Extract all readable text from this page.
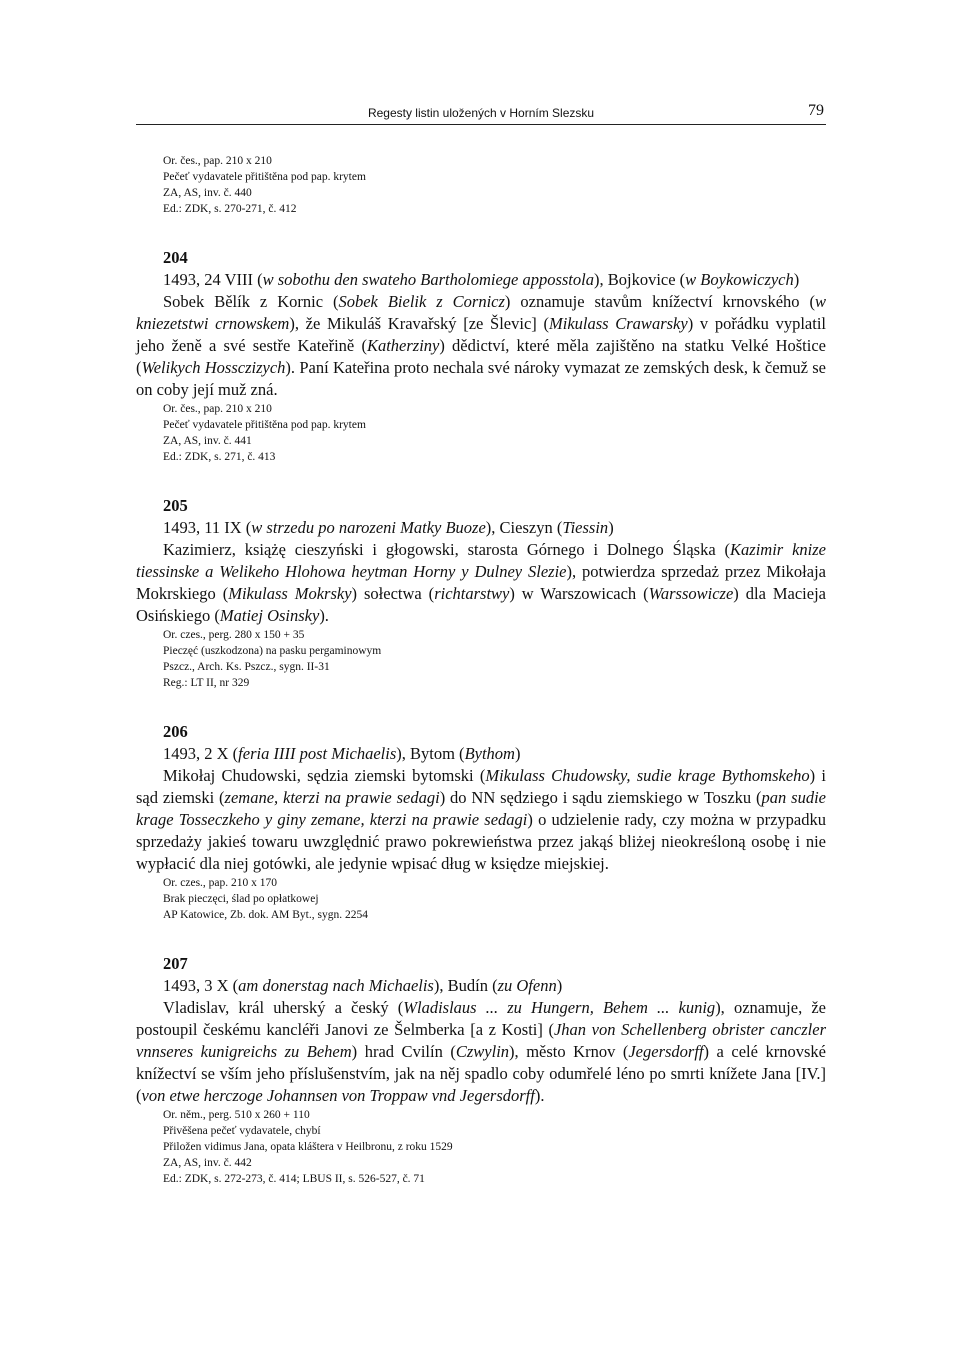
Regesty listin uložených v Horním Slezsku	79
Or. čes., pap. 210 x 210
Pečeť vydavatele přitištěna pod pap. krytem
ZA, AS, inv. č. 440
Ed.: ZDK, s. 270-271, č. 412
204
1493, 24 VIII (w sobothu den swateho Bartholomiege apposstola), Bojkovice (w Boykowiczych)
Sobek Bělík z Kornic (Sobek Bielik z Cornicz) oznamuje stavům knížectví krnovského (w kniezetstwi crnowskem), že Mikuláš Kravařský [ze Šlevic] (Mikulass Crawarsky) v pořádku vyplatil jeho ženě a své sestře Kateřině (Katherziny) dědictví, které měla zajištěno na statku Velké Hoštice (Welikych Hossczizych). Paní Kateřina proto nechala své nároky vymazat ze zemských desk, k čemuž se on coby její muž zná.
Or. čes., pap. 210 x 210
Pečeť vydavatele přitištěna pod pap. krytem
ZA, AS, inv. č. 441
Ed.: ZDK, s. 271, č. 413
205
1493, 11 IX (w strzedu po narozeni Matky Buoze), Cieszyn (Tiessin)
Kazimierz, książę cieszyński i głogowski, starosta Górnego i Dolnego Śląska (Kazimir knize tiessinske a Welikeho Hlohowa heytman Horny y Dulney Slezie), potwierdza sprzedaż przez Mikołaja Mokrskiego (Mikulass Mokrsky) sołectwa (richtarstwy) w Warszowicach (Warssowicze) dla Macieja Osińskiego (Matiej Osinsky).
Or. czes., perg. 280 x 150 + 35
Pieczęć (uszkodzona) na pasku pergaminowym
Pszcz., Arch. Ks. Pszcz., sygn. II-31
Reg.: LT II, nr 329
206
1493, 2 X (feria IIII post Michaelis), Bytom (Bythom)
Mikołaj Chudowski, sędzia ziemski bytomski (Mikulass Chudowsky, sudie krage Bythomskeho) i sąd ziemski (zemane, kterzi na prawie sedagi) do NN sędziego i sądu ziemskiego w Toszku (pan sudie krage Tosseczkeho y giny zemane, kterzi na prawie sedagi) o udzielenie rady, czy można w przypadku sprzedaży jakieś towaru uwzględnić prawo pokrewieństwa przez jakąś bliżej nieokreśloną osobę i nie wypłacić dla niej gotówki, ale jedynie wpisać dług w księdze miejskiej.
Or. czes., pap. 210 x 170
Brak pieczęci, ślad po opłatkowej
AP Katowice, Zb. dok. AM Byt., sygn. 2254
207
1493, 3 X (am donerstag nach Michaelis), Budín (zu Ofenn)
Vladislav, král uherský a český (Wladislaus ... zu Hungern, Behem ... kunig), oznamuje, že postoupil českému kancléři Janovi ze Šelmberka [a z Kosti] (Jhan von Schellenberg obrister canczler vnnseres kunigreichs zu Behem) hrad Cvilín (Czwylin), město Krnov (Jegersdorff) a celé krnovské knížectví se vším jeho příslušenstvím, jak na něj spadlo coby odumřelé léno po smrti knížete Jana [IV.] (von etwe herczoge Johannsen von Troppaw vnd Jegersdorff).
Or. něm., perg. 510 x 260 + 110
Přivěšena pečeť vydavatele, chybí
Přiložen vidimus Jana, opata kláštera v Heilbronu, z roku 1529
ZA, AS, inv. č. 442
Ed.: ZDK, s. 272-273, č. 414; LBUS II, s. 526-527, č. 71
